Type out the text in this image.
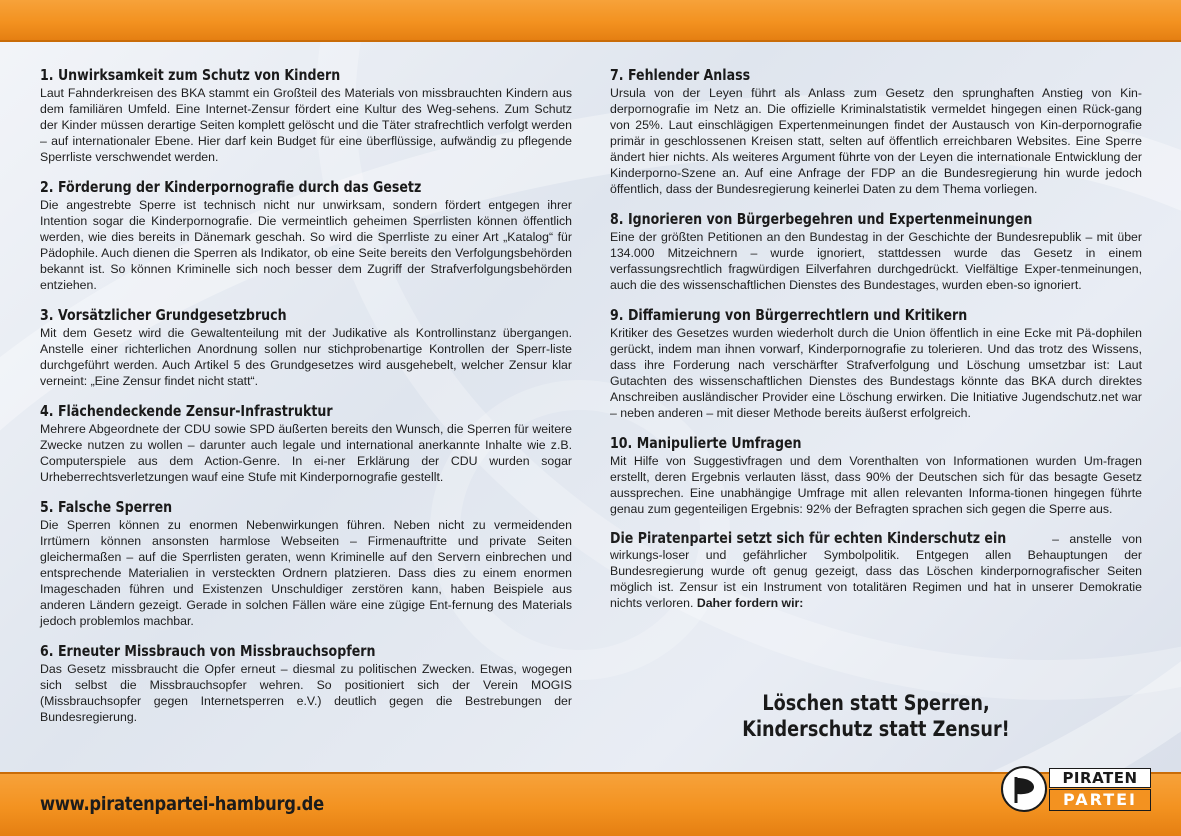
1. Unwirksamkeit zum Schutz von Kindern

Laut Fahnderkreisen des BKA stammt ein Großteil des Materials von missbrauchten Kindern aus dem familiären Umfeld. Eine Internet-Zensur fördert eine Kultur des Weg-sehens. Zum Schutz der Kinder müssen derartige Seiten komplett gelöscht und die Täter strafrechtlich verfolgt werden – auf internationaler Ebene. Hier darf kein Budget für eine überflüssige, aufwändig zu pflegende Sperrliste verschwendet werden.

2. Förderung der Kinderpornografie durch das Gesetz

Die angestrebte Sperre ist technisch nicht nur unwirksam, sondern fördert entgegen ihrer Intention sogar die Kinderpornografie. Die vermeintlich geheimen Sperrlisten können öffentlich werden, wie dies bereits in Dänemark geschah. So wird die Sperrliste zu einer Art „Katalog“ für Pädophile. Auch dienen die Sperren als Indikator, ob eine Seite bereits den Verfolgungsbehörden bekannt ist. So können Kriminelle sich noch besser dem Zugriff der Strafverfolgungsbehörden entziehen.

3. Vorsätzlicher Grundgesetzbruch

Mit dem Gesetz wird die Gewaltenteilung mit der Judikative als Kontrollinstanz übergangen. Anstelle einer richterlichen Anordnung sollen nur stichprobenartige Kontrollen der Sperr-liste durchgeführt werden. Auch Artikel 5 des Grundgesetzes wird ausgehebelt, welcher Zensur klar verneint: „Eine Zensur findet nicht statt“.

4. Flächendeckende Zensur-Infrastruktur

Mehrere Abgeordnete der CDU sowie SPD äußerten bereits den Wunsch, die Sperren für weitere Zwecke nutzen zu wollen – darunter auch legale und international anerkannte Inhalte wie z.B. Computerspiele aus dem Action-Genre. In ei-ner Erklärung der CDU wurden sogar Urheberrechtsverletzungen wauf eine Stufe mit Kinderpornografie gestellt.

5. Falsche Sperren

Die Sperren können zu enormen Nebenwirkungen führen. Neben nicht zu vermeidenden Irrtümern können ansonsten harmlose Webseiten – Firmenauftritte und private Seiten gleichermaßen – auf die Sperrlisten geraten, wenn Kriminelle auf den Servern einbrechen und entsprechende Materialien in versteckten Ordnern platzieren. Dass dies zu einem enormen Imageschaden führen und Existenzen Unschuldiger zerstören kann, haben Beispiele aus anderen Ländern gezeigt. Gerade in solchen Fällen wäre eine zügige Ent-fernung des Materials jedoch problemlos machbar.

6. Erneuter Missbrauch von Missbrauchsopfern

Das Gesetz missbraucht die Opfer erneut – diesmal zu politischen Zwecken. Etwas, wogegen sich selbst die Missbrauchsopfer wehren. So positioniert sich der Verein MOGIS (Missbrauchsopfer gegen Internetsperren e.V.) deutlich gegen die Bestrebungen der Bundesregierung.

7. Fehlender Anlass

Ursula von der Leyen führt als Anlass zum Gesetz den sprunghaften Anstieg von Kin-derpornografie im Netz an. Die offizielle Kriminalstatistik vermeldet hingegen einen Rück-gang von 25%. Laut einschlägigen Expertenmeinungen findet der Austausch von Kin-derpornografie primär in geschlossenen Kreisen statt, selten auf öffentlich erreichbaren Websites. Eine Sperre ändert hier nichts. Als weiteres Argument führte von der Leyen die internationale Entwicklung der Kinderporno-Szene an. Auf eine Anfrage der FDP an die Bundesregierung hin wurde jedoch öffentlich, dass der Bundesregierung keinerlei Daten zu dem Thema vorliegen.

8. Ignorieren von Bürgerbegehren und Expertenmeinungen

Eine der größten Petitionen an den Bundestag in der Geschichte der Bundesrepublik – mit über 134.000 Mitzeichnern – wurde ignoriert, stattdessen wurde das Gesetz in einem verfassungsrechtlich fragwürdigen Eilverfahren durchgedrückt. Vielfältige Exper-tenmeinungen, auch die des wissenschaftlichen Dienstes des Bundestages, wurden eben-so ignoriert.

9. Diffamierung von Bürgerrechtlern und Kritikern

Kritiker des Gesetzes wurden wiederholt durch die Union öffentlich in eine Ecke mit Pä-dophilen gerückt, indem man ihnen vorwarf, Kinderpornografie zu tolerieren. Und das trotz des Wissens, dass ihre Forderung nach verschärfter Strafverfolgung und Löschung umsetzbar ist: Laut Gutachten des wissenschaftlichen Dienstes des Bundestags könnte das BKA durch direktes Anschreiben ausländischer Provider eine Löschung erwirken. Die Initiative Jugendschutz.net war – neben anderen – mit dieser Methode bereits äußerst erfolgreich.

10. Manipulierte Umfragen

Mit Hilfe von Suggestivfragen und dem Vorenthalten von Informationen wurden Um-fragen erstellt, deren Ergebnis verlauten lässt, dass 90% der Deutschen sich für das besagte Gesetz aussprechen. Eine unabhängige Umfrage mit allen relevanten Informa-tionen hingegen führte genau zum gegenteiligen Ergebnis: 92% der Befragten sprachen sich gegen die Sperre aus.

Die Piratenpartei setzt sich für echten Kinderschutz ein	– anstelle von wirkungs-loser und gefährlicher Symbolpolitik. Entgegen allen Behauptungen der Bundesregierung wurde oft genug gezeigt, dass das Löschen kinderpornografischer Seiten möglich ist. Zensur ist ein Instrument von totalitären Regimen und hat in unserer Demokratie nichts verloren. Daher fordern wir:

Löschen statt Sperren,
Kinderschutz statt Zensur!
www.piratenpartei-hamburg.de
PIRATEN
PARTEI
